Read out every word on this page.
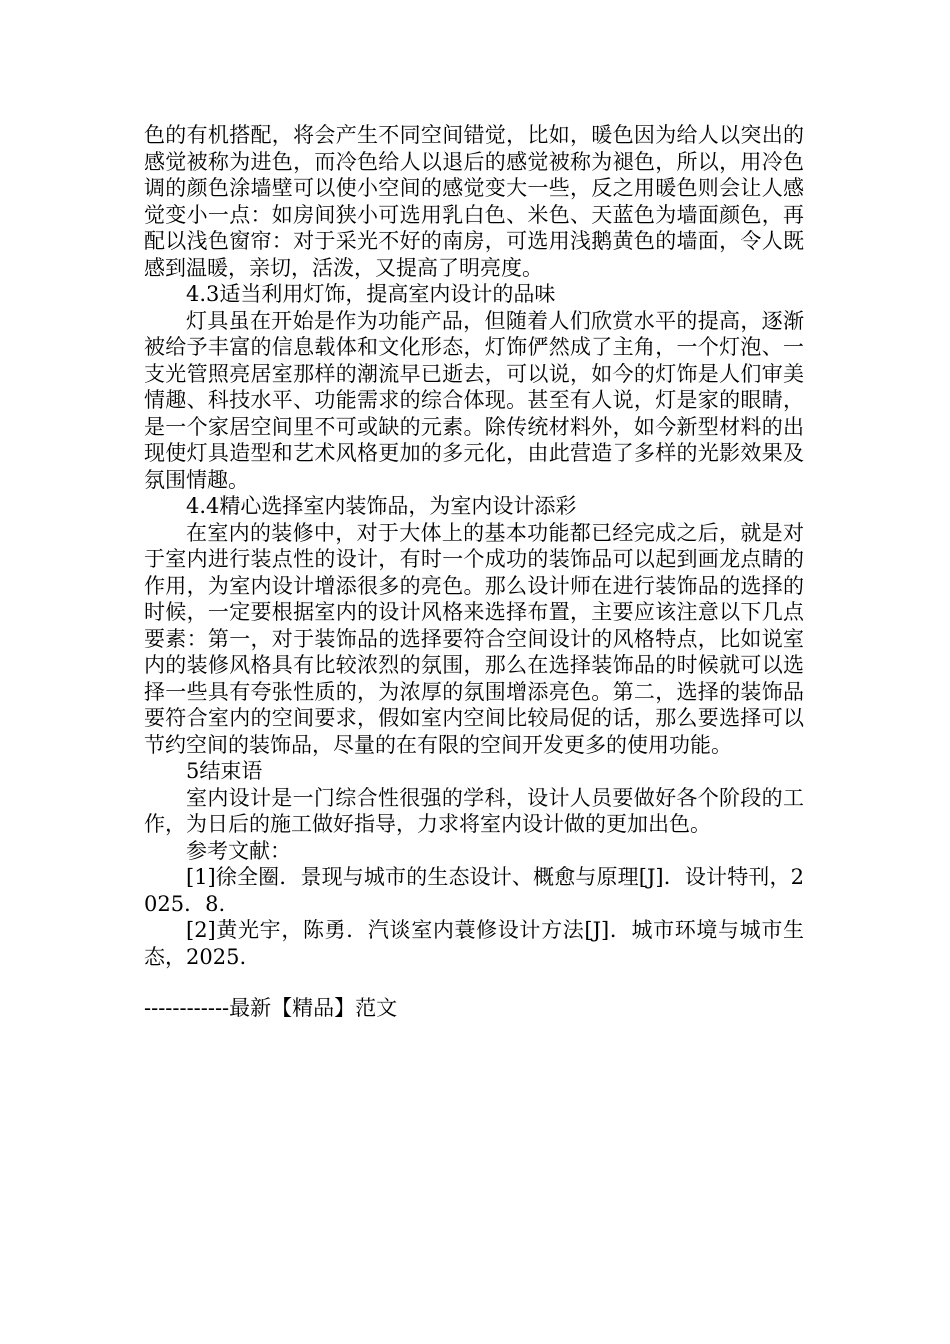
色的有机搭配，将会产生不同空间错觉，比如，暖色因为给人以突出的感觉被称为进色，而冷色给人以退后的感觉被称为褪色，所以，用冷色调的颜色涂墙壁可以使小空间的感觉变大一些，反之用暖色则会让人感觉变小一点：如房间狭小可选用乳白色、米色、天蓝色为墙面颜色，再配以浅色窗帘：对于采光不好的南房，可选用浅鹅黄色的墙面，令人既感到温暖，亲切，活泼，又提高了明亮度。

4.3适当利用灯饰，提高室内设计的品味

灯具虽在开始是作为功能产品，但随着人们欣赏水平的提高，逐渐被给予丰富的信息载体和文化形态，灯饰俨然成了主角，一个灯泡、一支光管照亮居室那样的潮流早已逝去，可以说，如今的灯饰是人们审美情趣、科技水平、功能需求的综合体现。甚至有人说，灯是家的眼睛，是一个家居空间里不可或缺的元素。除传统材料外，如今新型材料的出现使灯具造型和艺术风格更加的多元化，由此营造了多样的光影效果及氛围情趣。

4.4精心选择室内装饰品，为室内设计添彩

在室内的装修中，对于大体上的基本功能都已经完成之后，就是对于室内进行装点性的设计，有时一个成功的装饰品可以起到画龙点睛的作用，为室内设计增添很多的亮色。那么设计师在进行装饰品的选择的时候，一定要根据室内的设计风格来选择布置，主要应该注意以下几点要素：第一，对于装饰品的选择要符合空间设计的风格特点，比如说室内的装修风格具有比较浓烈的氛围，那么在选择装饰品的时候就可以选择一些具有夸张性质的，为浓厚的氛围增添亮色。第二，选择的装饰品要符合室内的空间要求，假如室内空间比较局促的话，那么要选择可以节约空间的装饰品，尽量的在有限的空间开发更多的使用功能。

5结束语

室内设计是一门综合性很强的学科，设计人员要做好各个阶段的工作，为日后的施工做好指导，力求将室内设计做的更加出色。

参考文献：

[1]徐全圈．景现与城市的生态设计、概愈与原理[J]．设计特刊，2025．8.

[2]黄光宇，陈勇．汽谈室内蓑修设计方法[J]．城市环境与城市生态，2025.

------------最新【精品】范文
